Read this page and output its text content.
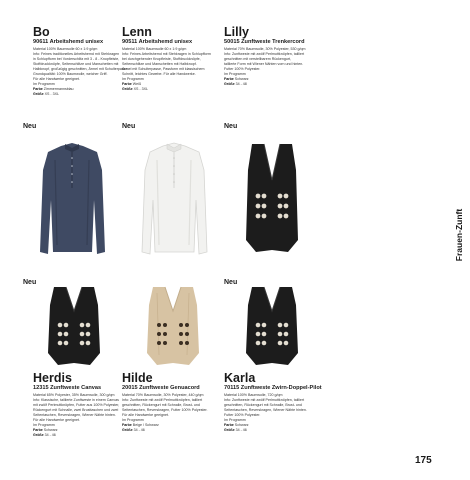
Bo
90611 Arbeitshemd unisex
Material 100% Baumwolle 60 x 1:9 g/qm
Info: Feines traditionelles Arbeitshemd mit Stehkragen
in Schlupfform bei Vorderschlitz mit 3 - 8 - Knopfleiste,
Stoffdruckknöpfe, Seitenschlitze und Manschetten mit
Halbknopf, großzügig geschnitten, Ärmel mit Schulterpasse.
Grundqualität: 100% Baumwolle, weicher Griff.
Für alle Handwerke geeignet.
Im Programm
Farbe Zimmermannsblau
Größe XS - 3XL
Lenn
90511 Arbeitshemd unisex
Material 100% Baumwolle 60 x 1:9 g/qm
Info: Feines Arbeitshemd mit Stehkragen in Schlupfform
bei durchgehender Knopfleiste, Stoffdruckknöpfe,
Seitenschlitze und Manschetten mit Halbknopf.
Ärmel mit Schulterpasse, Passform mit klassischem
Schnitt, leichtes Gewebe. Für alle Handwerke.
Im Programm
Farbe Weiß
Größe XS - 3XL
Lilly
50015 Zunftweste Trenkercord
Material 70% Baumwolle, 30% Polyester, 530 g/qm
Info: Zunftweste mit zwölf Perlmuttknöpfen, tailliert
geschnitten mit verstellbarem Rückengurt,
taillierte Form mit Wiener Nähten vorn und hinten.
Futter 100% Polyester.
Im Programm
Farbe Schwarz
Größe 34 - 48
Neu	Neu	Neu
Frauen-Zunft
Neu	Neu
Herdis
12315 Zunftweste Canvas
Material 65% Polyester, 35% Baumwolle, 300 g/qm
Info: Klassische, taillierte Zunftweste in einem Canvas
mit zwölf Perlmuttknöpfen, Futter aus 100% Polyester,
Rückengurt mit Schnalle, zwei Brusttaschen und zwei
Seitentaschen, Reverskragen, Wiener Nähte hinten.
Für alle Handwerke geeignet.
Im Programm
Farbe Schwarz
Größe 34 - 46
Hilde
20015 Zunftweste Genuacord
Material 70% Baumwolle, 30% Polyester, 440 g/qm
Info: Zunftweste mit zwölf Perlmuttknöpfen, tailliert
geschnitten, Rückengurt mit Schnalle, Brust- und
Seitentaschen, Reverskragen, Futter 100% Polyester.
Für alle Handwerke geeignet.
Im Programm
Farbe Beige / Schwarz
Größe 34 - 46
Karla
70115 Zunftweste Zwirn-Doppel-Pilot
Material 100% Baumwolle, 720 g/qm
Info: Zunftweste mit zwölf Perlmuttknöpfen, tailliert
geschnitten, Rückengurt mit Schnalle, Brust- und
Seitentaschen, Reverskragen, Wiener Nähte hinten.
Futter 100% Polyester.
Im Programm
Farbe Schwarz
Größe 34 - 46
175
